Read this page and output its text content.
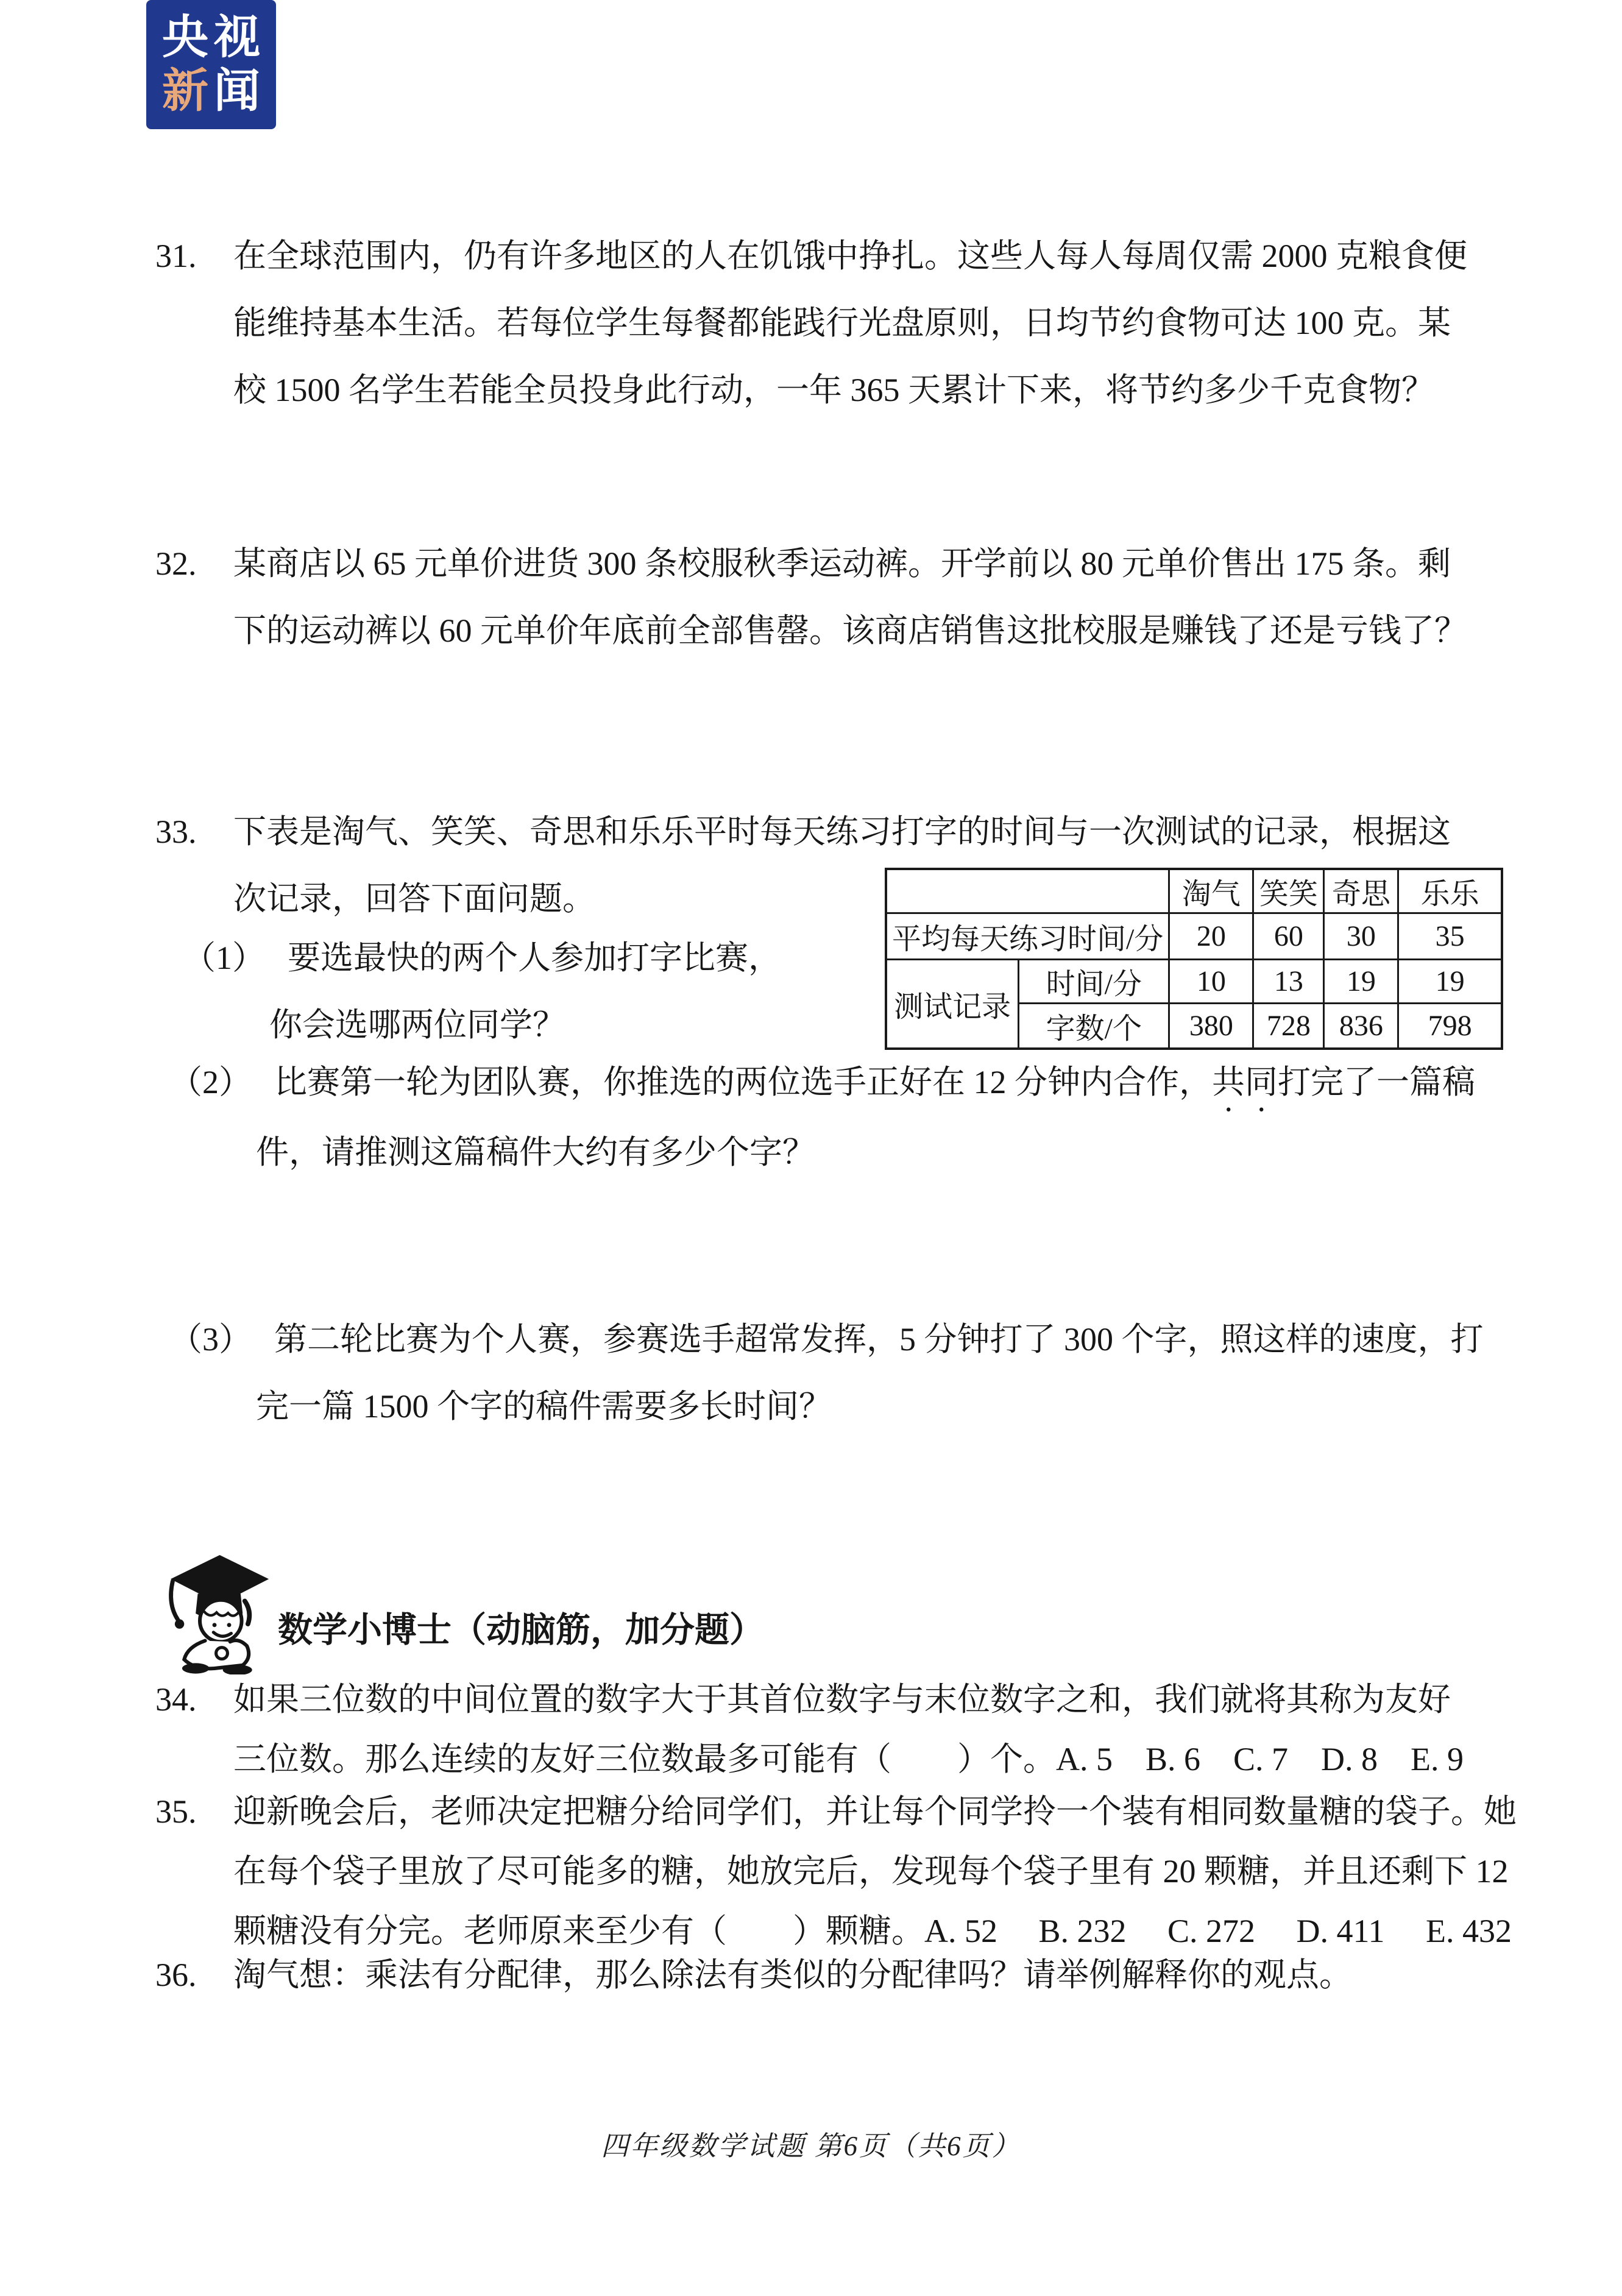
央 视
新 闻
31.	在全球范围内，仍有许多地区的人在饥饿中挣扎。这些人每人每周仅需 2000 克粮食便
能维持基本生活。若每位学生每餐都能践行光盘原则，日均节约食物可达 100 克。某
校 1500 名学生若能全员投身此行动，一年 365 天累计下来，将节约多少千克食物？
32.	某商店以 65 元单价进货 300 条校服秋季运动裤。开学前以 80 元单价售出 175 条。剩
下的运动裤以 60 元单价年底前全部售罄。该商店销售这批校服是赚钱了还是亏钱了？
33.	下表是淘气、笑笑、奇思和乐乐平时每天练习打字的时间与一次测试的记录，根据这
次记录，回答下面问题。
		淘气	笑笑	奇思	乐乐
平均每天练习时间/分		20	60	30	35
测试记录	时间/分	10	13	19	19
	字数/个	380	728	836	798
（1） 要选最快的两个人参加打字比赛，
你会选哪两位同学？
（2） 比赛第一轮为团队赛，你推选的两位选手正好在 12 分钟内合作，共同打完了一篇稿
件，请推测这篇稿件大约有多少个字？
（3） 第二轮比赛为个人赛，参赛选手超常发挥，5 分钟打了 300 个字，照这样的速度，打
完一篇 1500 个字的稿件需要多长时间？
数学小博士（动脑筋，加分题）
34.	如果三位数的中间位置的数字大于其首位数字与末位数字之和，我们就将其称为友好
三位数。那么连续的友好三位数最多可能有（　　）个。A. 5　B. 6　C. 7　D. 8　E. 9
35.	迎新晚会后，老师决定把糖分给同学们，并让每个同学拎一个装有相同数量糖的袋子。她
在每个袋子里放了尽可能多的糖，她放完后，发现每个袋子里有 20 颗糖，并且还剩下 12
颗糖没有分完。老师原来至少有（　　）颗糖。A. 52　 B. 232　 C. 272　 D. 411　 E. 432
36.	淘气想：乘法有分配律，那么除法有类似的分配律吗？请举例解释你的观点。
四年级数学试题 第6页（共6页）
